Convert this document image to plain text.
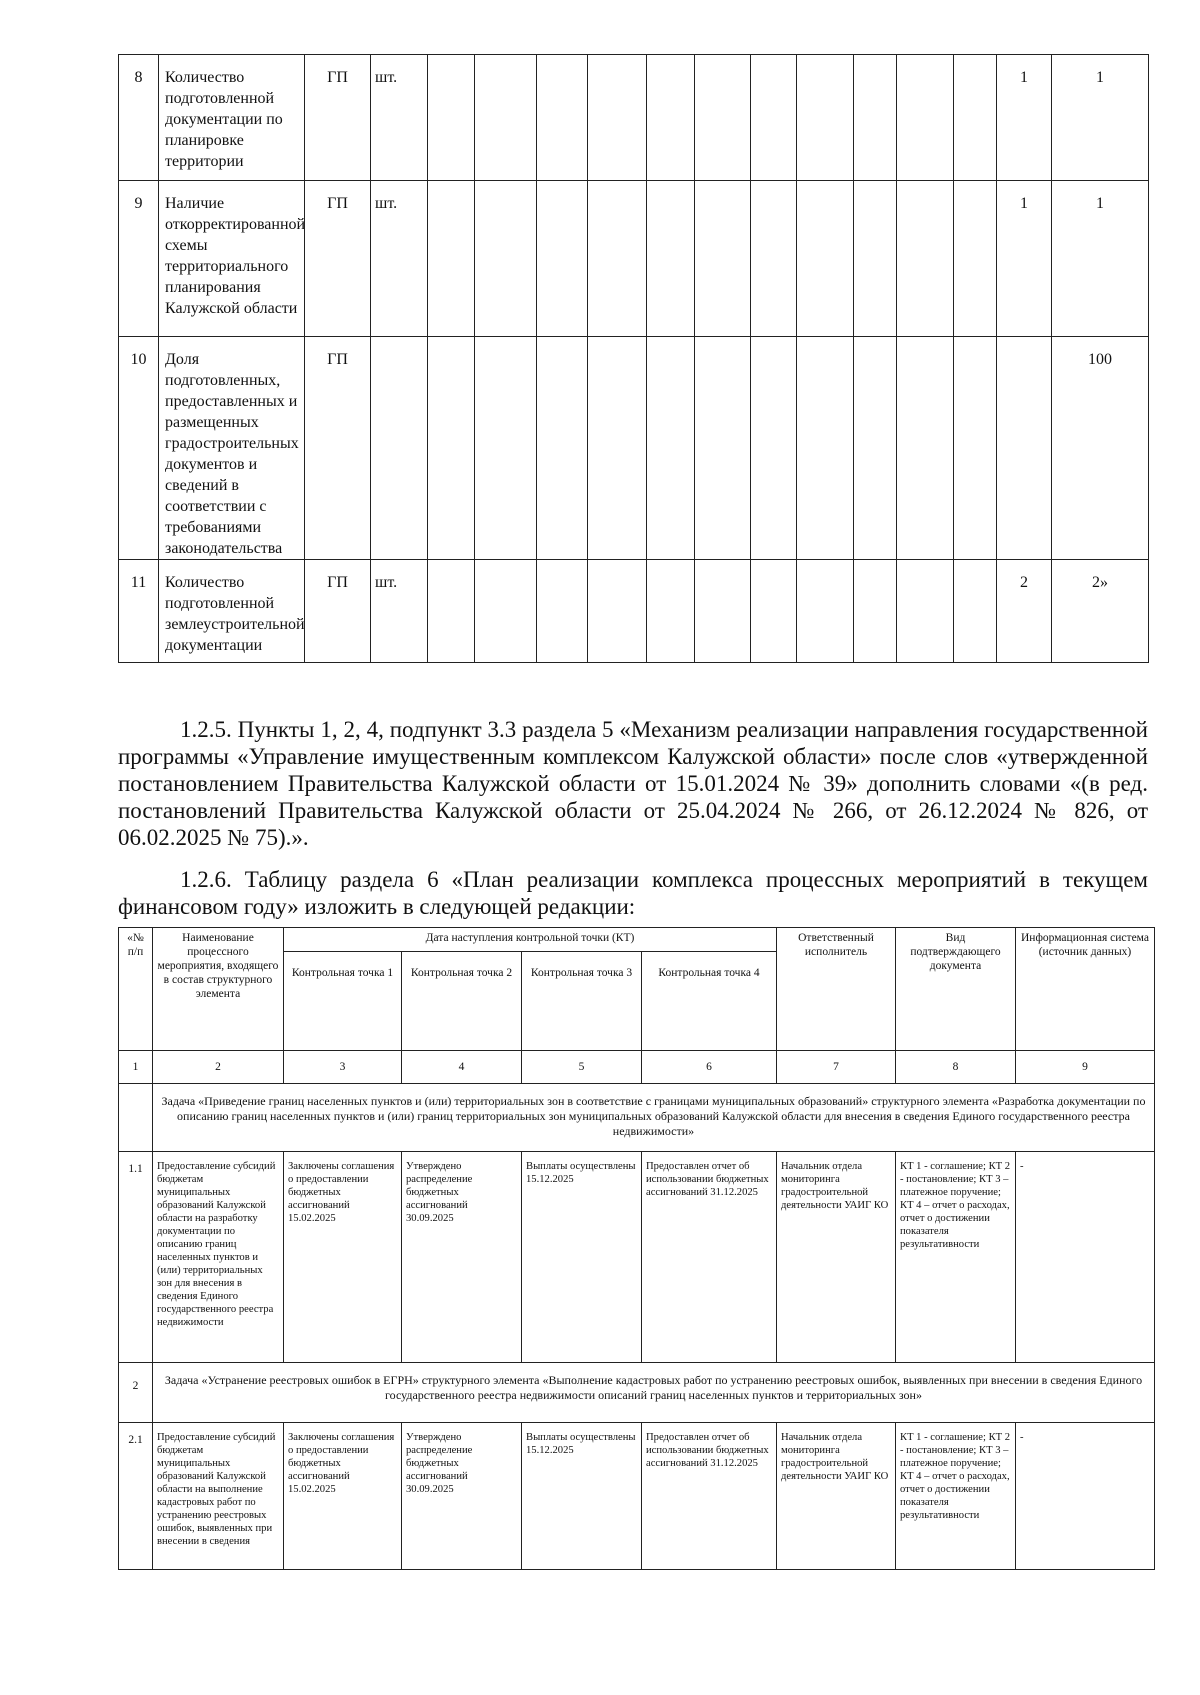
8	Количество подготовленной документации по планировке территории	ГП	шт.												1	1
9	Наличие откорректированной схемы территориального планирования Калужской области	ГП	шт.												1	1
10	Доля подготовленных, предоставленных и размещенных градостроительных документов и сведений в соответствии с требованиями законодательства	ГП														100
11	Количество подготовленной землеустроительной документации	ГП	шт.												2	2»

1.2.5. Пункты 1, 2, 4, подпункт 3.3 раздела 5 «Механизм реализации направления государственной программы «Управление имущественным комплексом Калужской области» после слов «утвержденной постановлением Правительства Калужской области от 15.01.2024 № 39» дополнить словами «(в ред. постановлений Правительства Калужской области от 25.04.2024 № 266, от 26.12.2024 № 826, от 06.02.2025 № 75).».

1.2.6. Таблицу раздела 6 «План реализации комплекса процессных мероприятий в текущем финансовом году» изложить в следующей редакции:

«№ п/п	Наименование процессного мероприятия, входящего в состав структурного элемента	Дата наступления контрольной точки (КТ)				Ответственный исполнитель	Вид подтверждающего документа	Информационная система (источник данных)
		Контрольная точка 1	Контрольная точка 2	Контрольная точка 3	Контрольная точка 4			
1	2	3	4	5	6	7	8	9
	Задача «Приведение границ населенных пунктов и (или) территориальных зон в соответствие с границами муниципальных образований» структурного элемента «Разработка документации по описанию границ населенных пунктов и (или) границ территориальных зон муниципальных образований Калужской области для внесения в сведения Единого государственного реестра недвижимости»							
1.1	Предоставление субсидий бюджетам муниципальных образований Калужской области на разработку документации по описанию границ населенных пунктов и (или) территориальных зон для внесения в сведения Единого государственного реестра недвижимости	Заключены соглашения о предоставлении бюджетных ассигнований 15.02.2025	Утверждено распределение бюджетных ассигнований 30.09.2025	Выплаты осуществлены 15.12.2025	Предоставлен отчет об использовании бюджетных ассигнований 31.12.2025	Начальник отдела мониторинга градостроительной деятельности УАИГ КО	КТ 1 - соглашение; КТ 2 - постановление; КТ 3 – платежное поручение; КТ 4 – отчет о расходах, отчет о достижении показателя результативности	-
2	Задача «Устранение реестровых ошибок в ЕГРН» структурного элемента «Выполнение кадастровых работ по устранению реестровых ошибок, выявленных при внесении в сведения Единого государственного реестра недвижимости описаний границ населенных пунктов и территориальных зон»							
2.1	Предоставление субсидий бюджетам муниципальных образований Калужской области на выполнение кадастровых работ по устранению реестровых ошибок, выявленных при внесении в сведения	Заключены соглашения о предоставлении бюджетных ассигнований 15.02.2025	Утверждено распределение бюджетных ассигнований 30.09.2025	Выплаты осуществлены 15.12.2025	Предоставлен отчет об использовании бюджетных ассигнований 31.12.2025	Начальник отдела мониторинга градостроительной деятельности УАИГ КО	КТ 1 - соглашение; КТ 2 - постановление; КТ 3 – платежное поручение; КТ 4 – отчет о расходах, отчет о достижении показателя результативности	-
